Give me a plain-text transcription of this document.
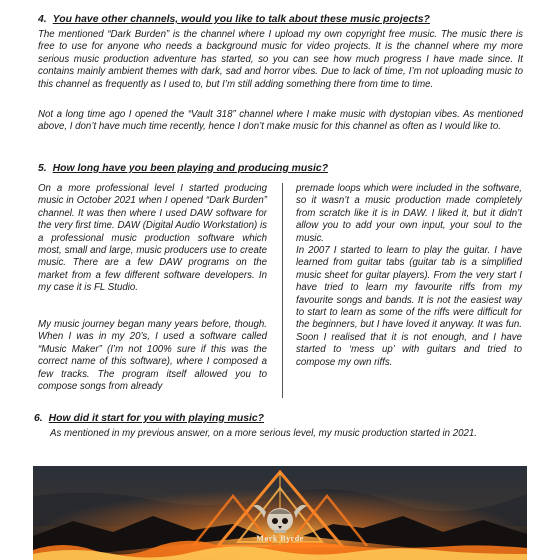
4. You have other channels, would you like to talk about these music projects?
The mentioned “Dark Burden” is the channel where I upload my own copyright free music. The music there is free to use for anyone who needs a background music for video projects. It is the channel where my more serious music production adventure has started, so you can see how much progress I have made since. It contains mainly ambient themes with dark, sad and horror vibes. Due to lack of time, I’m not uploading music to this channel as frequently as I used to, but I’m still adding something there from time to time.
Not a long time ago I opened the “Vault 318” channel where I make music with dystopian vibes. As mentioned above, I don’t have much time recently, hence I don’t make music for this channel as often as I would like to.
5. How long have you been playing and producing music?
On a more professional level I started producing music in October 2021 when I opened “Dark Burden” channel. It was then where I used DAW software for the very first time. DAW (Digital Audio Workstation) is a professional music production software which most, small and large, music producers use to create music. There are a few DAW programs on the market from a few different software developers. In my case it is FL Studio.
My music journey began many years before, though. When I was in my 20’s, I used a software called “Music Maker” (I’m not 100% sure if this was the correct name of this software), where I composed a few tracks. The program itself allowed you to compose songs from already
premade loops which were included in the software, so it wasn’t a music production made completely from scratch like it is in DAW. I liked it, but it didn’t allow you to add your own input, your soul to the music.
In 2007 I started to learn to play the guitar. I have learned from guitar tabs (guitar tab is a simplified music sheet for guitar players). From the very start I have tried to learn my favourite riffs from my favourite songs and bands. It is not the easiest way to start to learn as some of the riffs were difficult for the beginners, but I have loved it anyway. It was fun. Soon I realised that it is not enough, and I have started to ‘mess up’ with guitars and tried to compose my own riffs.
6. How did it start for you with playing music?
As mentioned in my previous answer, on a more serious level, my music production started in 2021.
Mørk Byrde
